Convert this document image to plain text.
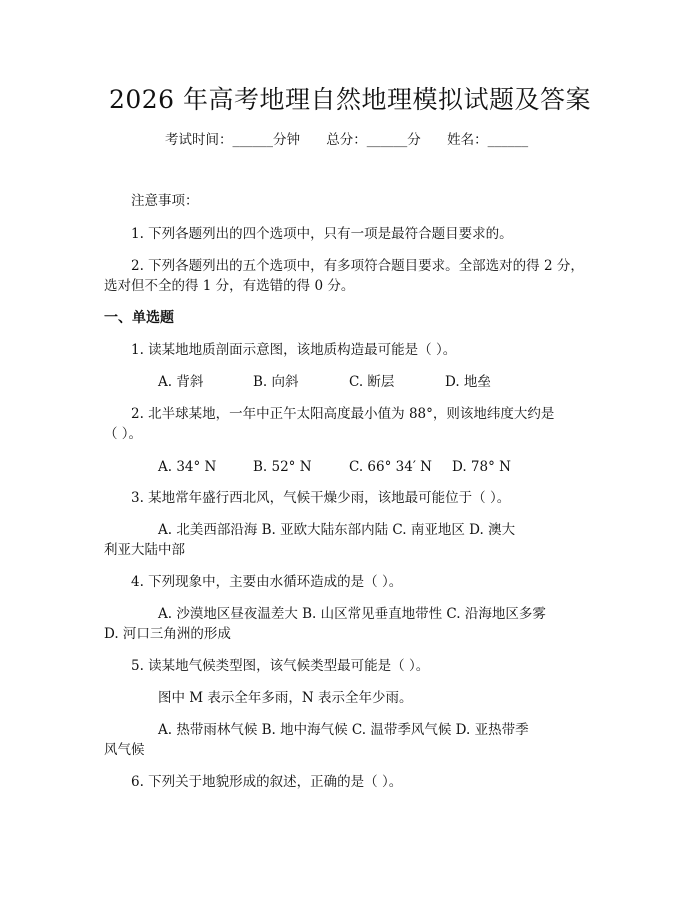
2026 年高考地理自然地理模拟试题及答案
考试时间：______分钟 总分：______分 姓名：______
注意事项：
1. 下列各题列出的四个选项中，只有一项是最符合题目要求的。
2. 下列各题列出的五个选项中，有多项符合题目要求。全部选对的得 2 分，
选对但不全的得 1 分，有选错的得 0 分。
一、单选题
1. 读某地地质剖面示意图，该地质构造最可能是（ ）。
A. 背斜	B. 向斜	C. 断层	D. 地垒
2. 北半球某地，一年中正午太阳高度最小值为 88°，则该地纬度大约是
（ ）。
A. 34° N	B. 52° N	C. 66° 34′ N D. 78° N
3. 某地常年盛行西北风，气候干燥少雨，该地最可能位于（ ）。
A. 北美西部沿海 B. 亚欧大陆东部内陆 C. 南亚地区 D. 澳大
利亚大陆中部
4. 下列现象中，主要由水循环造成的是（ ）。
A. 沙漠地区昼夜温差大 B. 山区常见垂直地带性 C. 沿海地区多雾
D. 河口三角洲的形成
5. 读某地气候类型图，该气候类型最可能是（ ）。
图中 M 表示全年多雨，N 表示全年少雨。
A. 热带雨林气候 B. 地中海气候 C. 温带季风气候 D. 亚热带季
风气候
6. 下列关于地貌形成的叙述，正确的是（ ）。
